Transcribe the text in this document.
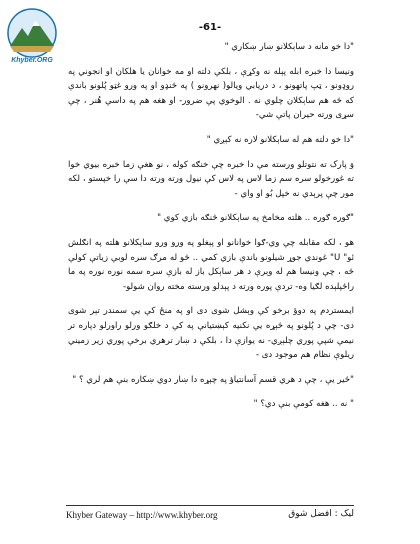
Khyber.ORG
-61-

"دا خو مانه د ساېکلانو ښار ښکاري "

ونیسا دا خبره ابله پېله نه وکړې ، بلکې دلته او مه خوانان یا هلکان او انجوني په روډونو ، ټپ پاتهونو ، د دریابي ویالو( نهرونو ) په څنډو او په ورو غټو پُلونو باندې که څه هم ساېکلان چلوي نه . الوخوي پې ضرور- او هغه هم په داسې هُنر ، چې سړی ورته حیران پاتې شي-

"دا خو دلته هم له ساېکلانو لاره نه کېږي "

وَ پارک ته نتوتلو ورسته مې دا خبره چې خنګه کوله ، نو هغې زما خبره بیوي خوا ته غورخولو سره سم زما لاس په لاس کې نیول ورته ورته دا سې را خپستو ، لکه مور چې پرېدي نه خپل بُو او واي -

"ګوره ګوره .. هلته مخامخ په ساېکلانو څنګه بازي کوي "

هو ، لکه مقابله چې وي-ګوا خوانانو او پېغلو په ورو ورو ساېکلانو هلته په انګلش ئو" U" غوندي جوړ شیلونو باندې بازي کمي .. څو له مرګ سره لوبې زیاتې کولې څه ، چې ونیسا هم له وېرې د هر ساېکل باز له بازې سره سمه نوره نوره په ما راځپلېده لګیا وه- تردې پوره ورته د پېدلو ورسته مخته روان شولو-

ایمستردم په دوؤ برخو کې وېشل شوی دی او په منځ کې یې سمندر تېر شوی دی- چې د پُلونو په څېړه یې نکنیه کېښتیانې په کې د خلګو ورلو راورلو دپاره تر نیمې شپې پوري چلېږي- نه یوازې دا ، بلکې د ښار ترهري برخې پوري زیر زمیني ریلوې نظام هم موجود دی -

"ځیر یې ، چې د هري قسم آسانتیاؤ په چېړه دا ښار دوي ښکاره بنې هم لري ؟ "

" نه .. هغه کومې بنې دي؟ "

Khyber Gateway – http://www.khyber.org	لیک : افضل شوق
